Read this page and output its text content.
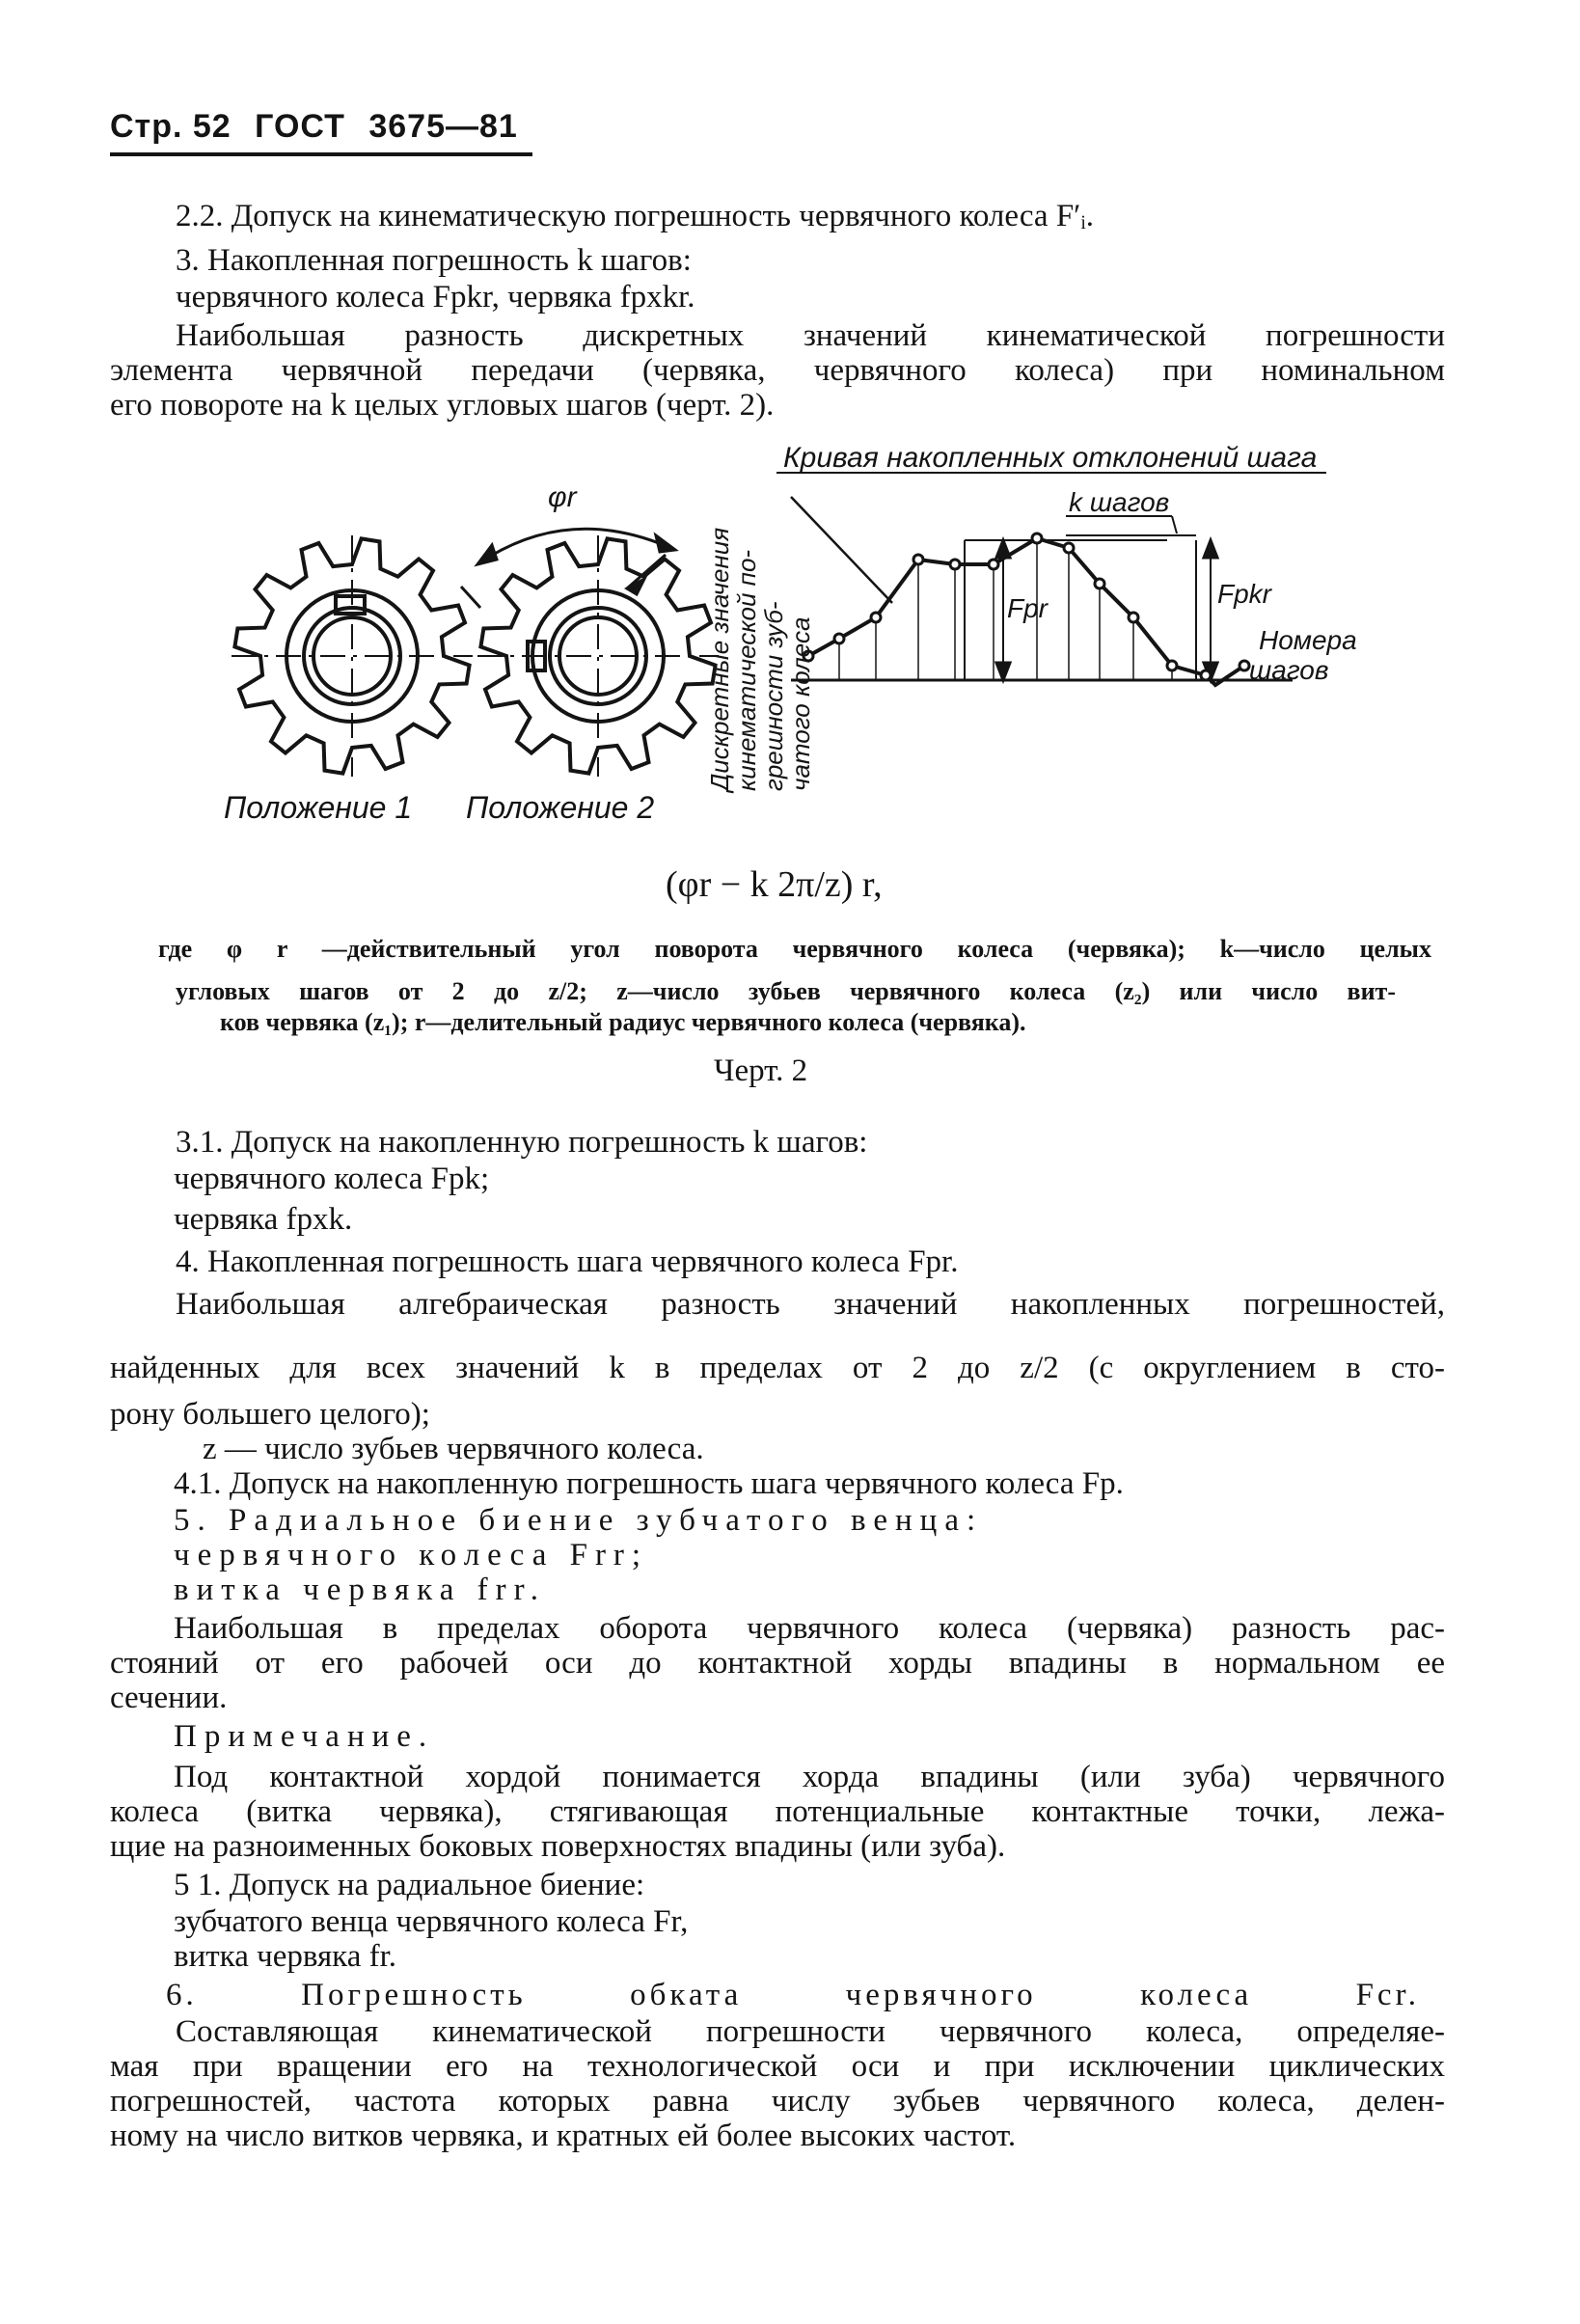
Стр. 52 ГОСТ 3675—81
2.2. Допуск на кинематическую погрешность червячного колеса F′ᵢ.
3. Накопленная погрешность k шагов:
червячного колеса Fpkr, червяка fpxkr.
Наибольшая разность дискретных значений кинематической погрешности
элемента червячной передачи (червяка, червячного колеса) при номинальном
его повороте на k целых угловых шагов (черт. 2).
φr
Положение 1 Положение 2
Кривая накопленных отклонений шага
k шагов
Fpr	Fpkr
Номера
шагов
Дискретные значения
кинематической по-
грешности зуб-
чатого колеса
(φr − k 2π/z) r,
где φ r —действительный угол поворота червячного колеса (червяка); k—число целых
угловых шагов от 2 до z/2; z—число зубьев червячного колеса (z₂) или число вит-
ков червяка (z₁); r—делительный радиус червячного колеса (червяка).
Черт. 2
3.1. Допуск на накопленную погрешность k шагов:
червячного колеса Fpk;
червяка fpxk.
4. Накопленная погрешность шага червячного колеса Fpr.
Наибольшая алгебраическая разность значений накопленных погрешностей,
найденных для всех значений k в пределах от 2 до z/2 (с округлением в сто-
рону большего целого);
z — число зубьев червячного колеса.
4.1. Допуск на накопленную погрешность шага червячного колеса Fp.
5. Радиальное биение зубчатого венца:
червячного колеса Frr;
витка червяка frr.
Наибольшая в пределах оборота червячного колеса (червяка) разность рас-
стояний от его рабочей оси до контактной хорды впадины в нормальном ее
сечении.
Примечание.
Под контактной хордой понимается хорда впадины (или зуба) червячного
колеса (витка червяка), стягивающая потенциальные контактные точки, лежа-
щие на разноименных боковых поверхностях впадины (или зуба).
5 1. Допуск на радиальное биение:
зубчатого венца червячного колеса Fr,
витка червяка fr.
6. Погрешность обката червячного колеса Fcr.
Составляющая кинематической погрешности червячного колеса, определяе-
мая при вращении его на технологической оси и при исключении циклических
погрешностей, частота которых равна числу зубьев червячного колеса, делен-
ному на число витков червяка, и кратных ей более высоких частот.
